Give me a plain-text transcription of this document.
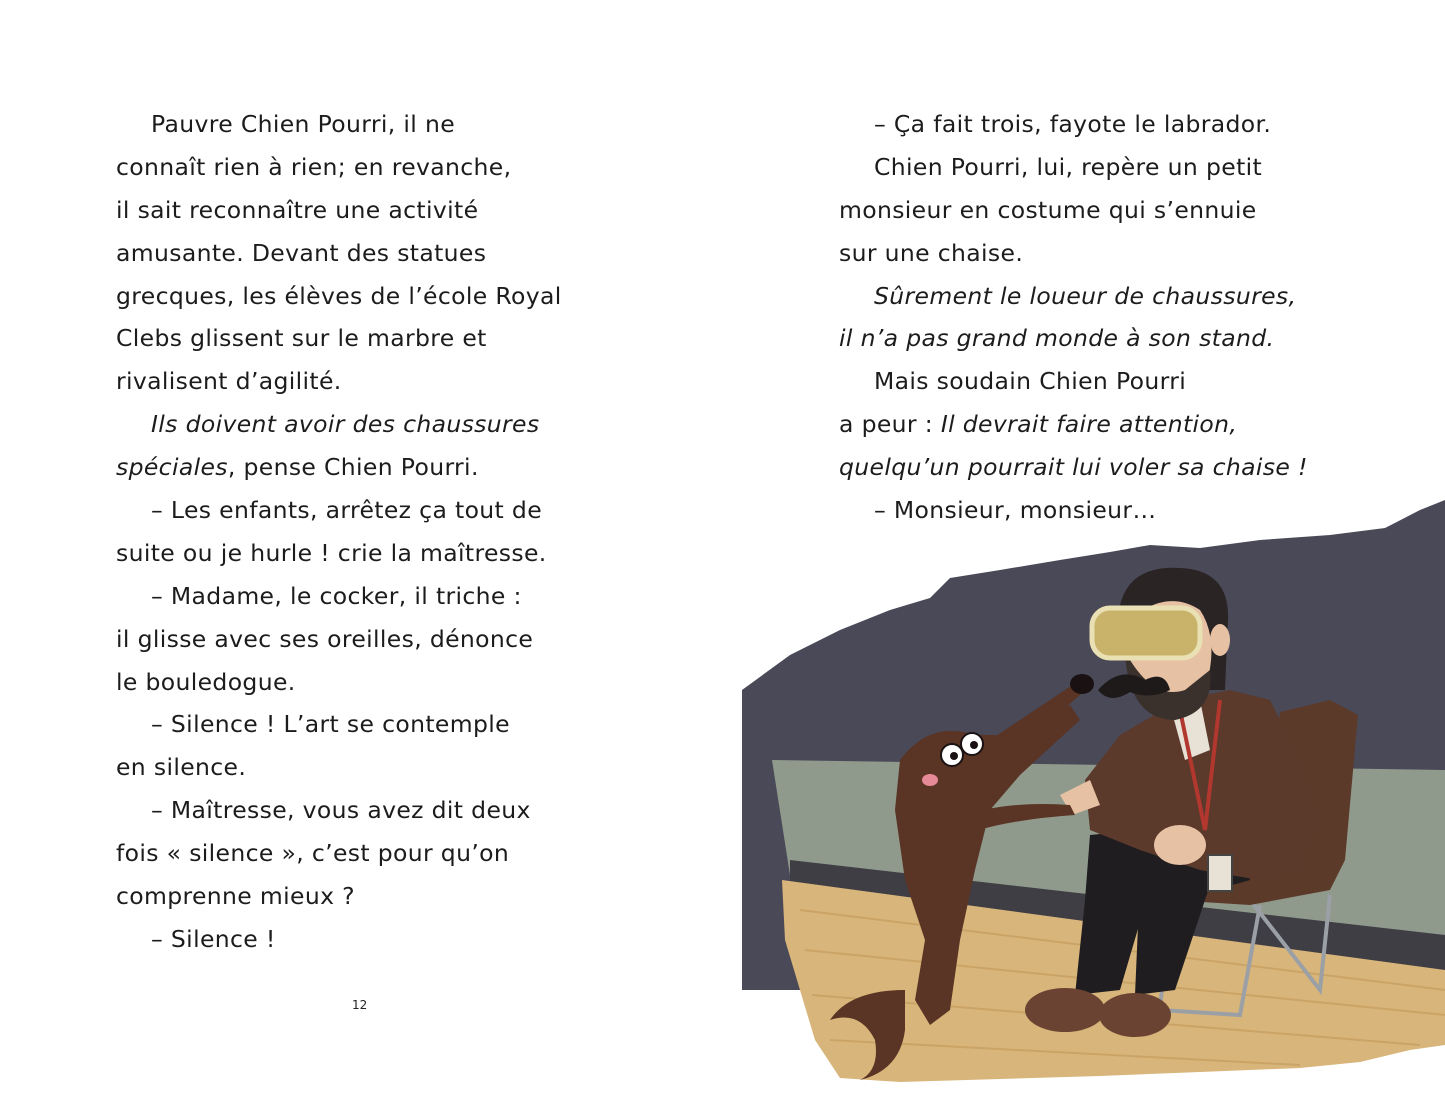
Pauvre Chien Pourri, il ne
connaît rien à rien; en revanche,
il sait reconnaître une activité
amusante. Devant des statues
grecques, les élèves de l’école Royal
Clebs glissent sur le marbre et
rivalisent d’agilité.
Ils doivent avoir des chaussures
spéciales, pense Chien Pourri.
– Les enfants, arrêtez ça tout de
suite ou je hurle ! crie la maîtresse.
– Madame, le cocker, il triche :
il glisse avec ses oreilles, dénonce
le bouledogue.
– Silence ! L’art se contemple
en silence.
– Maîtresse, vous avez dit deux
fois « silence », c’est pour qu’on
comprenne mieux ?
– Silence !
12
– Ça fait trois, fayote le labrador.
Chien Pourri, lui, repère un petit
monsieur en costume qui s’ennuie
sur une chaise.
Sûrement le loueur de chaussures,
il n’a pas grand monde à son stand.
Mais soudain Chien Pourri
a peur : Il devrait faire attention,
quelqu’un pourrait lui voler sa chaise !
– Monsieur, monsieur…
